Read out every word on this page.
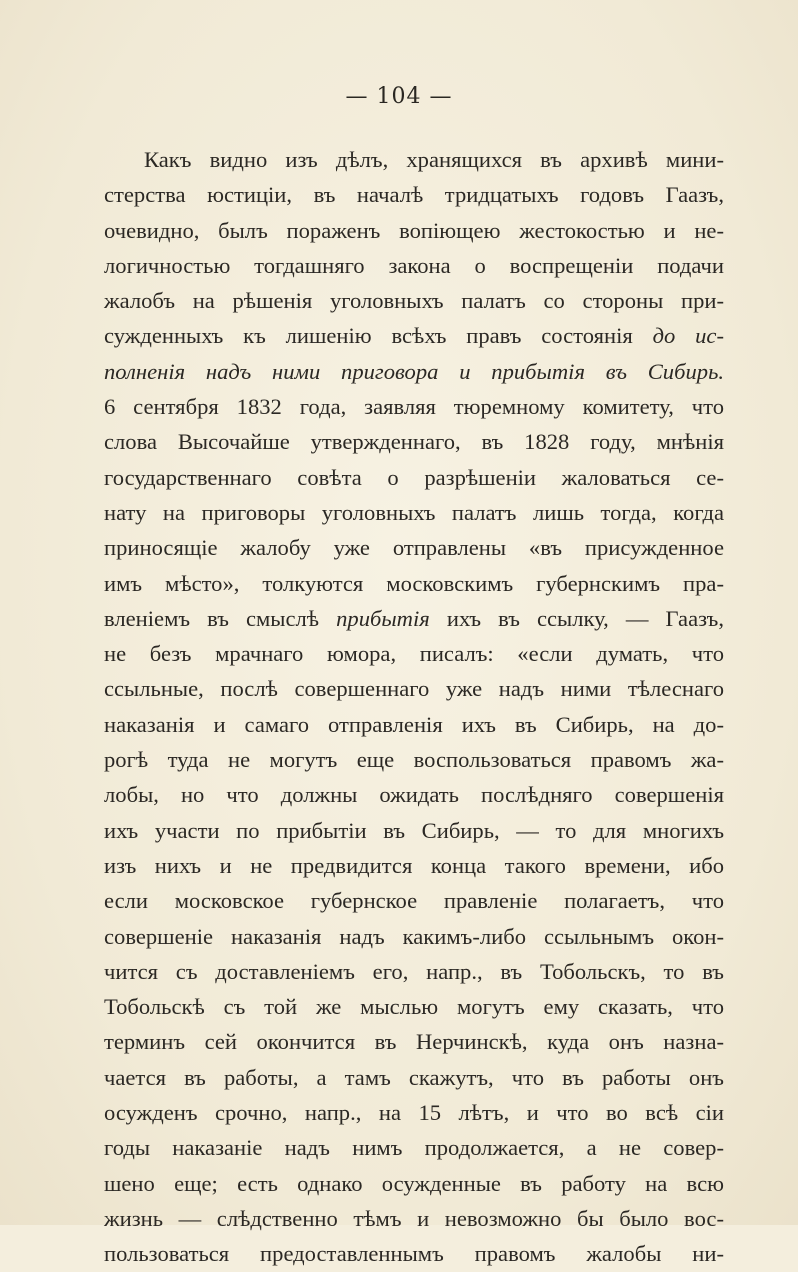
— 104 —
Какъ видно изъ дѣлъ, хранящихся въ архивѣ мини-
стерства юстиціи, въ началѣ тридцатыхъ годовъ Гаазъ,
очевидно, былъ пораженъ вопіющею жестокостью и не-
логичностью тогдашняго закона о воспрещеніи подачи
жалобъ на рѣшенія уголовныхъ палатъ со стороны при-
сужденныхъ къ лишенію всѣхъ правъ состоянія до ис-
полненія надъ ними приговора и прибытія въ Сибирь.
6 сентября 1832 года, заявляя тюремному комитету, что
слова Высочайше утвержденнаго, въ 1828 году, мнѣнія
государственнаго совѣта о разрѣшеніи жаловаться се-
нату на приговоры уголовныхъ палатъ лишь тогда, когда
приносящіе жалобу уже отправлены «въ присужденное
имъ мѣсто», толкуются московскимъ губернскимъ пра-
вленіемъ въ смыслѣ прибытія ихъ въ ссылку, — Гаазъ,
не безъ мрачнаго юмора, писалъ: «если думать, что
ссыльные, послѣ совершеннаго уже надъ ними тѣлеснаго
наказанія и самаго отправленія ихъ въ Сибирь, на до-
рогѣ туда не могутъ еще воспользоваться правомъ жа-
лобы, но что должны ожидать послѣдняго совершенія
ихъ участи по прибытіи въ Сибирь, — то для многихъ
изъ нихъ и не предвидится конца такого времени, ибо
если московское губернское правленіе полагаетъ, что
совершеніе наказанія надъ какимъ-либо ссыльнымъ окон-
чится съ доставленіемъ его, напр., въ Тобольскъ, то въ
Тобольскѣ съ той же мыслью могутъ ему сказать, что
терминъ сей окончится въ Нерчинскѣ, куда онъ назна-
чается въ работы, а тамъ скажутъ, что въ работы онъ
осужденъ срочно, напр., на 15 лѣтъ, и что во всѣ сіи
годы наказаніе надъ нимъ продолжается, а не совер-
шено еще; есть однако осужденные въ работу на всю
жизнь — слѣдственно тѣмъ и невозможно бы было вос-
пользоваться предоставленнымъ правомъ жалобы ни-
